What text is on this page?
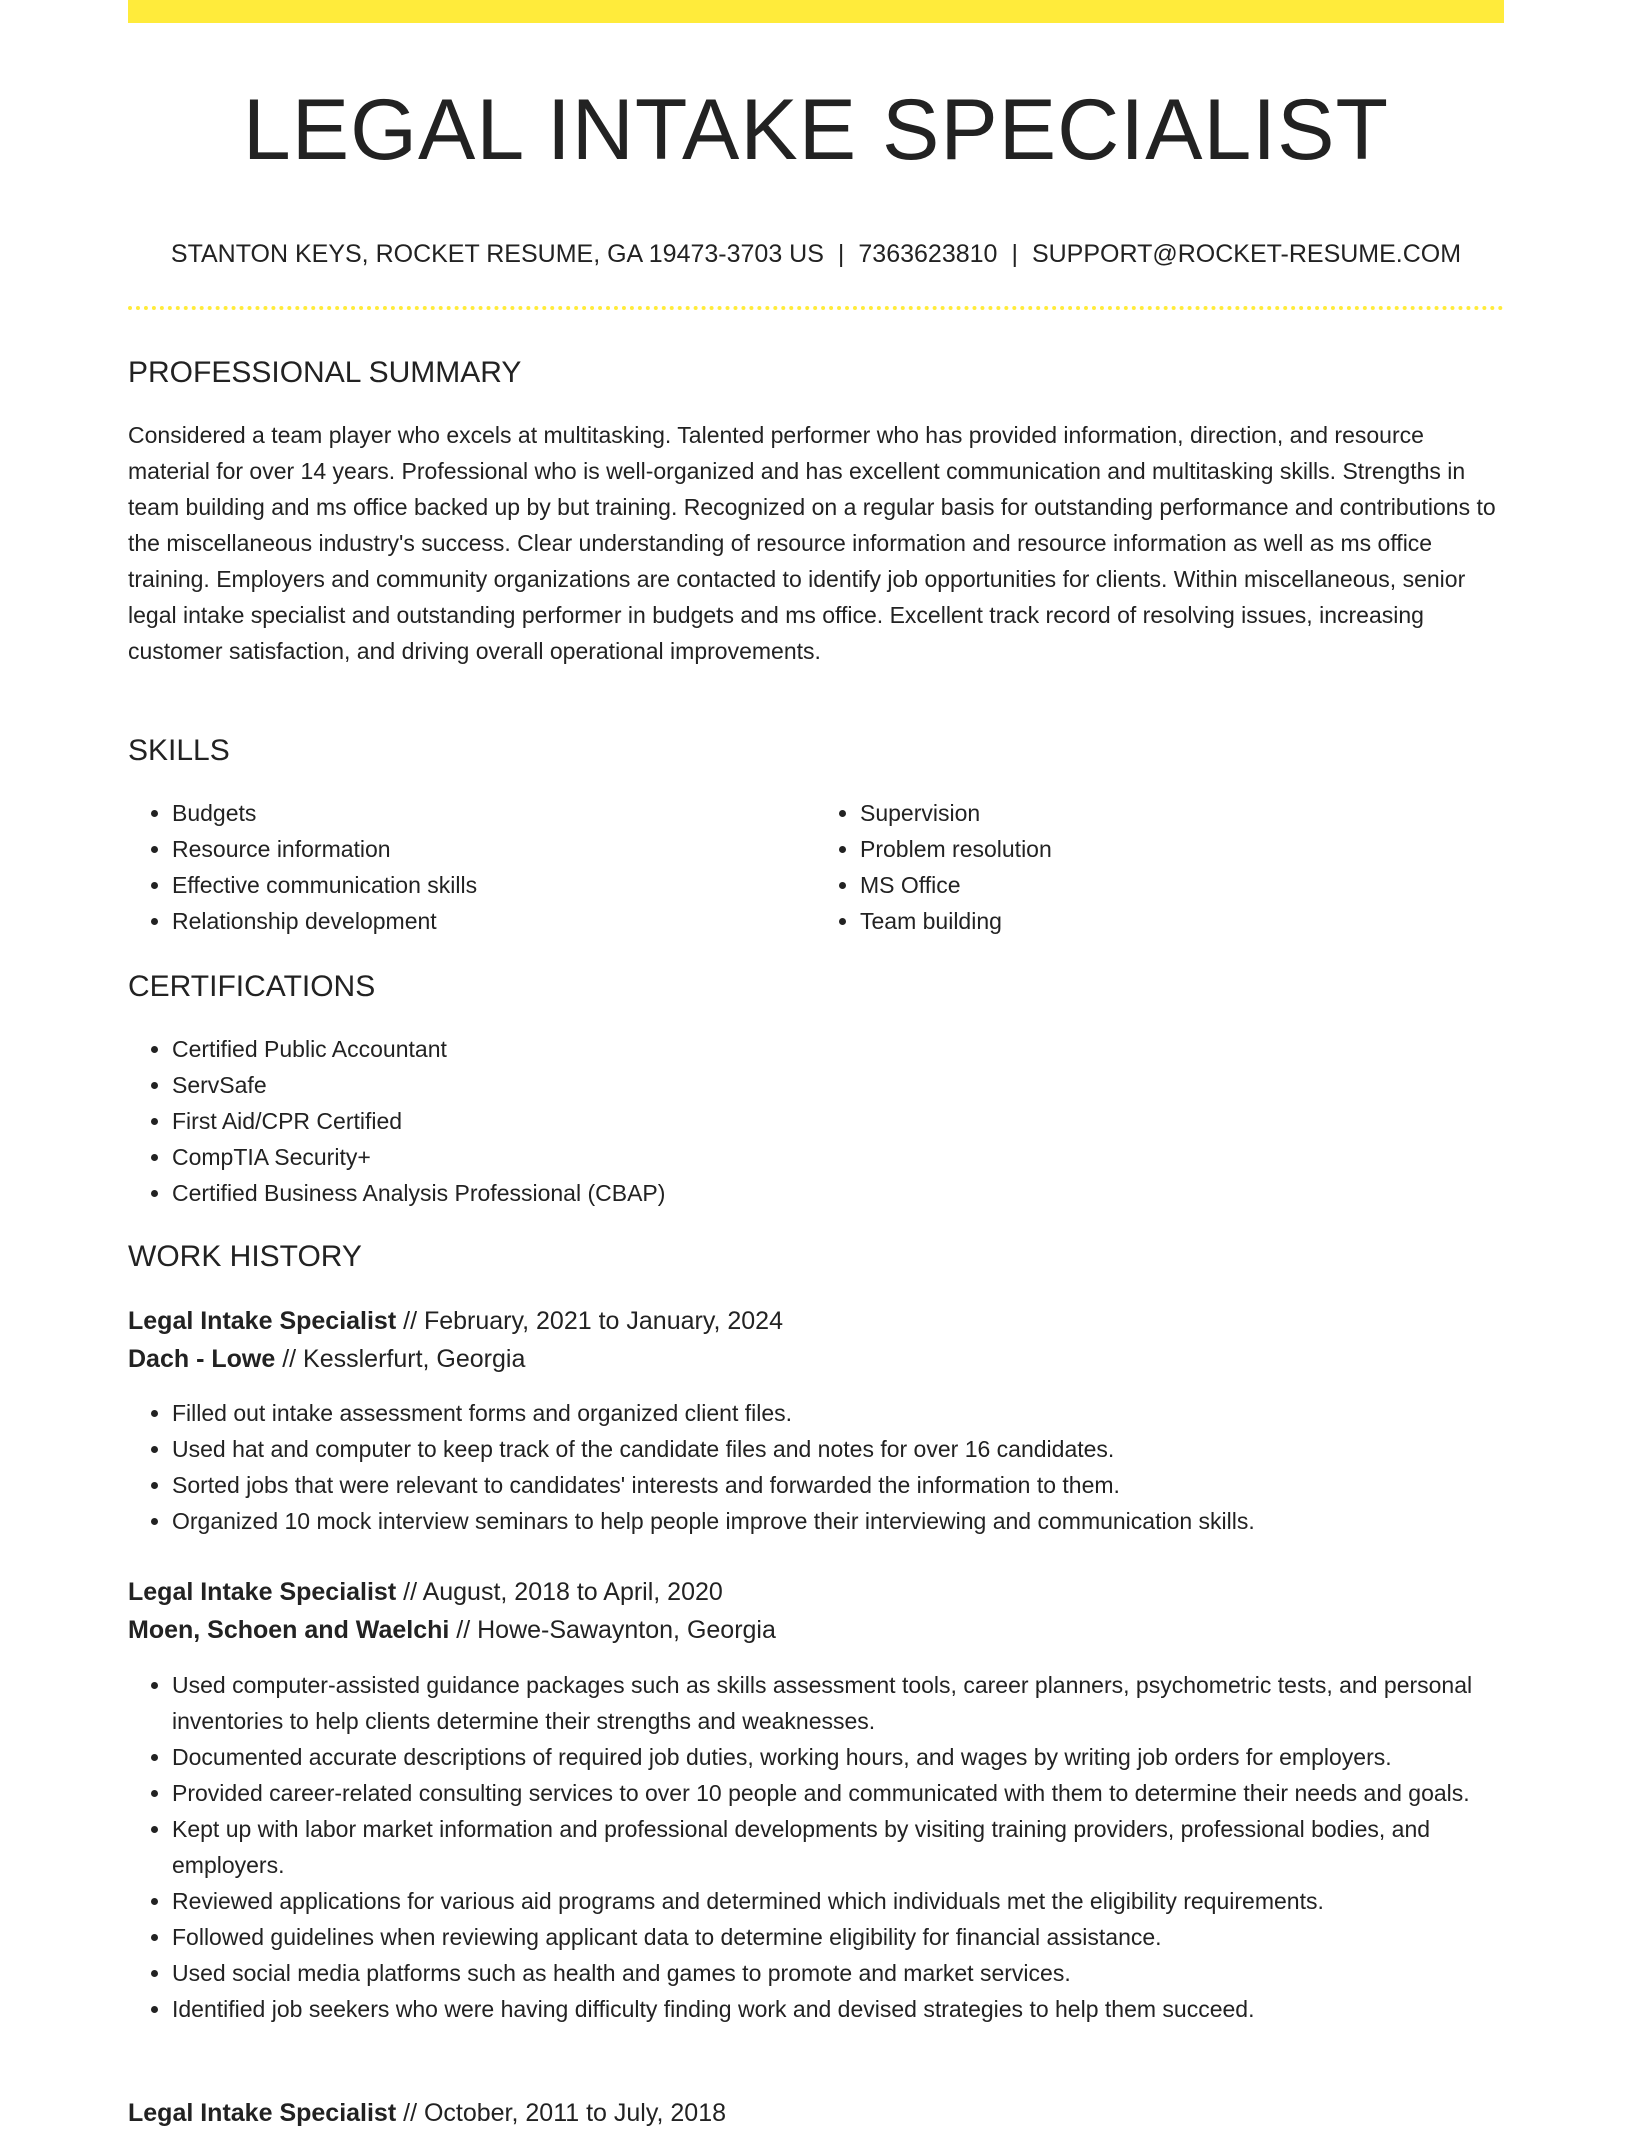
LEGAL INTAKE SPECIALIST
STANTON KEYS, ROCKET RESUME, GA 19473-3703 US | 7363623810 | SUPPORT@ROCKET-RESUME.COM
PROFESSIONAL SUMMARY
Considered a team player who excels at multitasking. Talented performer who has provided information, direction, and resource material for over 14 years. Professional who is well-organized and has excellent communication and multitasking skills. Strengths in team building and ms office backed up by but training. Recognized on a regular basis for outstanding performance and contributions to the miscellaneous industry's success. Clear understanding of resource information and resource information as well as ms office training. Employers and community organizations are contacted to identify job opportunities for clients. Within miscellaneous, senior legal intake specialist and outstanding performer in budgets and ms office. Excellent track record of resolving issues, increasing customer satisfaction, and driving overall operational improvements.
SKILLS
• Budgets
• Resource information
• Effective communication skills
• Relationship development
• Supervision
• Problem resolution
• MS Office
• Team building
CERTIFICATIONS
• Certified Public Accountant
• ServSafe
• First Aid/CPR Certified
• CompTIA Security+
• Certified Business Analysis Professional (CBAP)
WORK HISTORY
Legal Intake Specialist // February, 2021 to January, 2024
Dach - Lowe // Kesslerfurt, Georgia
• Filled out intake assessment forms and organized client files.
• Used hat and computer to keep track of the candidate files and notes for over 16 candidates.
• Sorted jobs that were relevant to candidates' interests and forwarded the information to them.
• Organized 10 mock interview seminars to help people improve their interviewing and communication skills.
Legal Intake Specialist // August, 2018 to April, 2020
Moen, Schoen and Waelchi // Howe-Sawaynton, Georgia
• Used computer-assisted guidance packages such as skills assessment tools, career planners, psychometric tests, and personal inventories to help clients determine their strengths and weaknesses.
• Documented accurate descriptions of required job duties, working hours, and wages by writing job orders for employers.
• Provided career-related consulting services to over 10 people and communicated with them to determine their needs and goals.
• Kept up with labor market information and professional developments by visiting training providers, professional bodies, and employers.
• Reviewed applications for various aid programs and determined which individuals met the eligibility requirements.
• Followed guidelines when reviewing applicant data to determine eligibility for financial assistance.
• Used social media platforms such as health and games to promote and market services.
• Identified job seekers who were having difficulty finding work and devised strategies to help them succeed.
Legal Intake Specialist // October, 2011 to July, 2018
